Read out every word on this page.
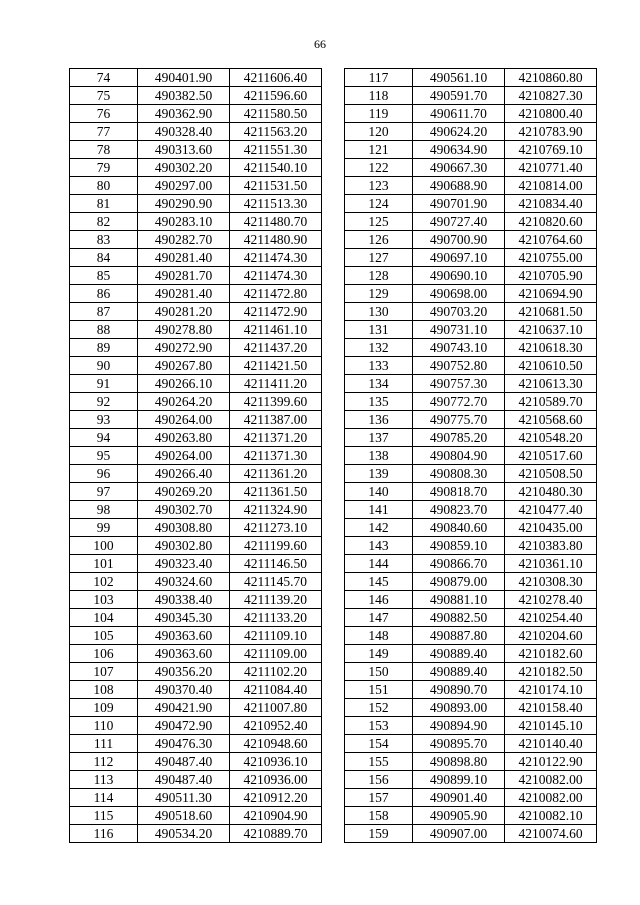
66
74	490401.90	4211606.40
75	490382.50	4211596.60
76	490362.90	4211580.50
77	490328.40	4211563.20
78	490313.60	4211551.30
79	490302.20	4211540.10
80	490297.00	4211531.50
81	490290.90	4211513.30
82	490283.10	4211480.70
83	490282.70	4211480.90
84	490281.40	4211474.30
85	490281.70	4211474.30
86	490281.40	4211472.80
87	490281.20	4211472.90
88	490278.80	4211461.10
89	490272.90	4211437.20
90	490267.80	4211421.50
91	490266.10	4211411.20
92	490264.20	4211399.60
93	490264.00	4211387.00
94	490263.80	4211371.20
95	490264.00	4211371.30
96	490266.40	4211361.20
97	490269.20	4211361.50
98	490302.70	4211324.90
99	490308.80	4211273.10
100	490302.80	4211199.60
101	490323.40	4211146.50
102	490324.60	4211145.70
103	490338.40	4211139.20
104	490345.30	4211133.20
105	490363.60	4211109.10
106	490363.60	4211109.00
107	490356.20	4211102.20
108	490370.40	4211084.40
109	490421.90	4211007.80
110	490472.90	4210952.40
111	490476.30	4210948.60
112	490487.40	4210936.10
113	490487.40	4210936.00
114	490511.30	4210912.20
115	490518.60	4210904.90
116	490534.20	4210889.70
117	490561.10	4210860.80
118	490591.70	4210827.30
119	490611.70	4210800.40
120	490624.20	4210783.90
121	490634.90	4210769.10
122	490667.30	4210771.40
123	490688.90	4210814.00
124	490701.90	4210834.40
125	490727.40	4210820.60
126	490700.90	4210764.60
127	490697.10	4210755.00
128	490690.10	4210705.90
129	490698.00	4210694.90
130	490703.20	4210681.50
131	490731.10	4210637.10
132	490743.10	4210618.30
133	490752.80	4210610.50
134	490757.30	4210613.30
135	490772.70	4210589.70
136	490775.70	4210568.60
137	490785.20	4210548.20
138	490804.90	4210517.60
139	490808.30	4210508.50
140	490818.70	4210480.30
141	490823.70	4210477.40
142	490840.60	4210435.00
143	490859.10	4210383.80
144	490866.70	4210361.10
145	490879.00	4210308.30
146	490881.10	4210278.40
147	490882.50	4210254.40
148	490887.80	4210204.60
149	490889.40	4210182.60
150	490889.40	4210182.50
151	490890.70	4210174.10
152	490893.00	4210158.40
153	490894.90	4210145.10
154	490895.70	4210140.40
155	490898.80	4210122.90
156	490899.10	4210082.00
157	490901.40	4210082.00
158	490905.90	4210082.10
159	490907.00	4210074.60
